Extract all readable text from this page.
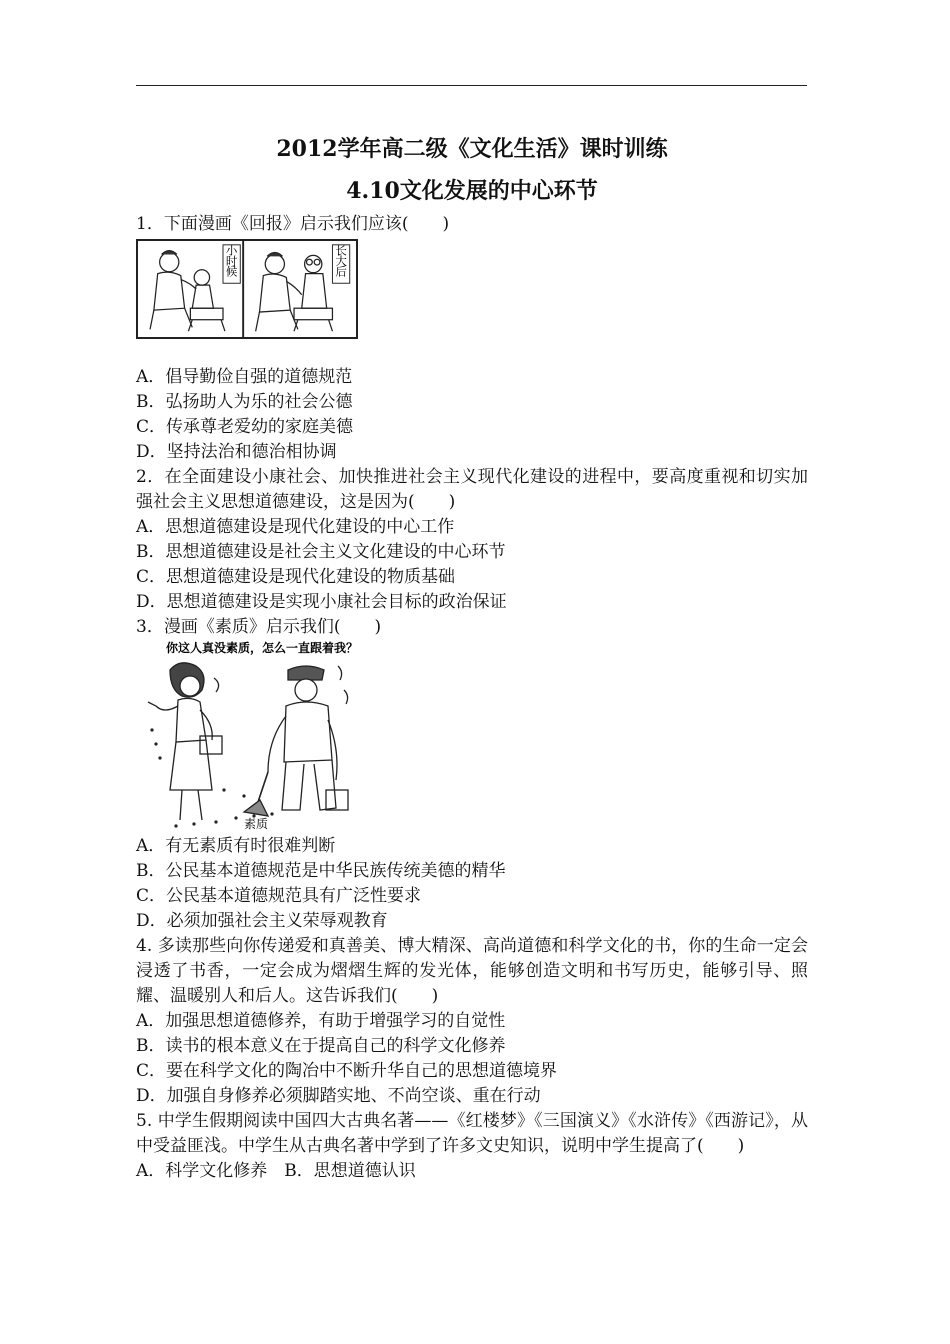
2012学年高二级《文化生活》课时训练
4.10文化发展的中心环节

1．下面漫画《回报》启示我们应该(　　)

小
时
候
长
大
后

A．倡导勤俭自强的道德规范

B．弘扬助人为乐的社会公德

C．传承尊老爱幼的家庭美德

D．坚持法治和德治相协调

2．在全面建设小康社会、加快推进社会主义现代化建设的进程中，要高度重视和切实加强社会主义思想道德建设，这是因为(　　)

A．思想道德建设是现代化建设的中心工作

B．思想道德建设是社会主义文化建设的中心环节

C．思想道德建设是现代化建设的物质基础

D．思想道德建设是实现小康社会目标的政治保证

3．漫画《素质》启示我们(　　)

你这人真没素质，怎么一直跟着我？
素质

A．有无素质有时很难判断

B．公民基本道德规范是中华民族传统美德的精华

C．公民基本道德规范具有广泛性要求

D．必须加强社会主义荣辱观教育

4. 多读那些向你传递爱和真善美、博大精深、高尚道德和科学文化的书，你的生命一定会浸透了书香，一定会成为熠熠生辉的发光体，能够创造文明和书写历史，能够引导、照耀、温暖别人和后人。这告诉我们(　　)

A．加强思想道德修养，有助于增强学习的自觉性

B．读书的根本意义在于提高自己的科学文化修养

C．要在科学文化的陶冶中不断升华自己的思想道德境界

D．加强自身修养必须脚踏实地、不尚空谈、重在行动

5. 中学生假期阅读中国四大古典名著——《红楼梦》《三国演义》《水浒传》《西游记》，从中受益匪浅。中学生从古典名著中学到了许多文史知识，说明中学生提高了(　　)

A．科学文化修养　B．思想道德认识
